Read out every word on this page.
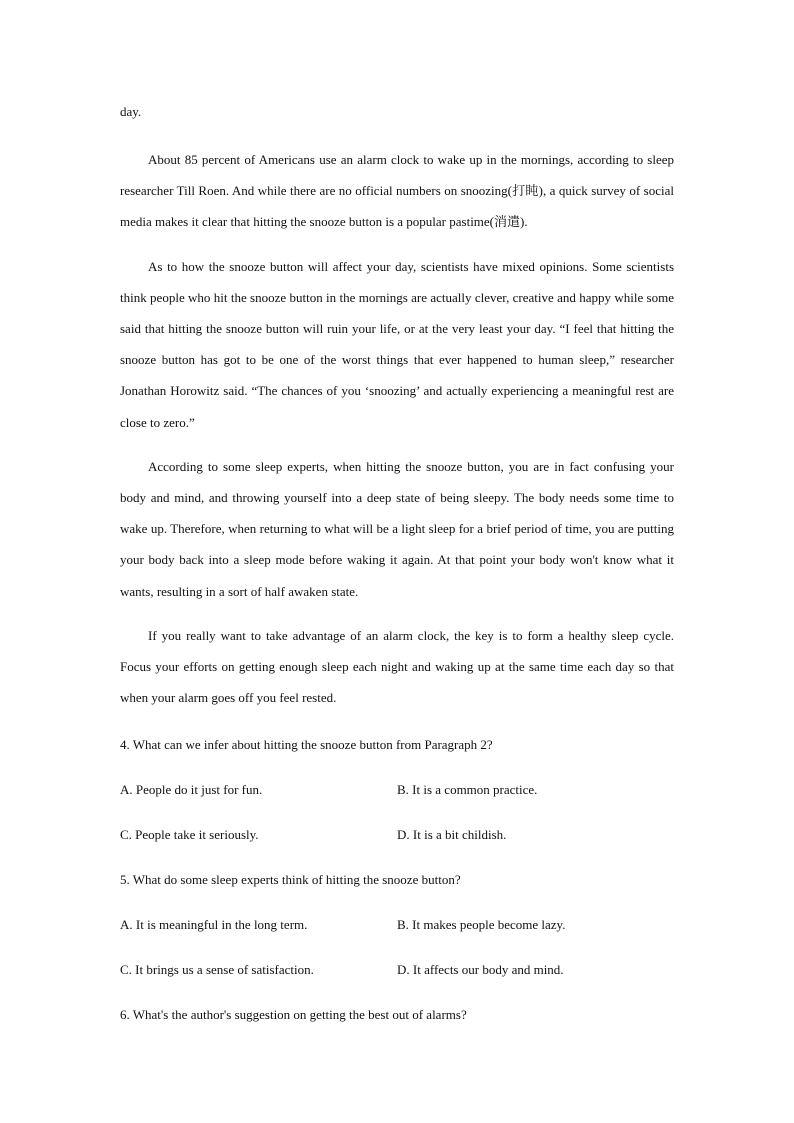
day.

About 85 percent of Americans use an alarm clock to wake up in the mornings, according to sleep researcher Till Roen. And while there are no official numbers on snoozing(打盹), a quick survey of social media makes it clear that hitting the snooze button is a popular pastime(消遣).

As to how the snooze button will affect your day, scientists have mixed opinions. Some scientists think people who hit the snooze button in the mornings are actually clever, creative and happy while some said that hitting the snooze button will ruin your life, or at the very least your day. “I feel that hitting the snooze button has got to be one of the worst things that ever happened to human sleep,” researcher Jonathan Horowitz said. “The chances of you ‘snoozing’ and actually experiencing a meaningful rest are close to zero.”

According to some sleep experts, when hitting the snooze button, you are in fact confusing your body and mind, and throwing yourself into a deep state of being sleepy. The body needs some time to wake up. Therefore, when returning to what will be a light sleep for a brief period of time, you are putting your body back into a sleep mode before waking it again. At that point your body won't know what it wants, resulting in a sort of half awaken state.

If you really want to take advantage of an alarm clock, the key is to form a healthy sleep cycle. Focus your efforts on getting enough sleep each night and waking up at the same time each day so that when your alarm goes off you feel rested.

4. What can we infer about hitting the snooze button from Paragraph 2?

A. People do it just for fun.	B. It is a common practice.
C. People take it seriously.	D. It is a bit childish.

5. What do some sleep experts think of hitting the snooze button?

A. It is meaningful in the long term.	B. It makes people become lazy.
C. It brings us a sense of satisfaction.	D. It affects our body and mind.

6. What's the author's suggestion on getting the best out of alarms?
